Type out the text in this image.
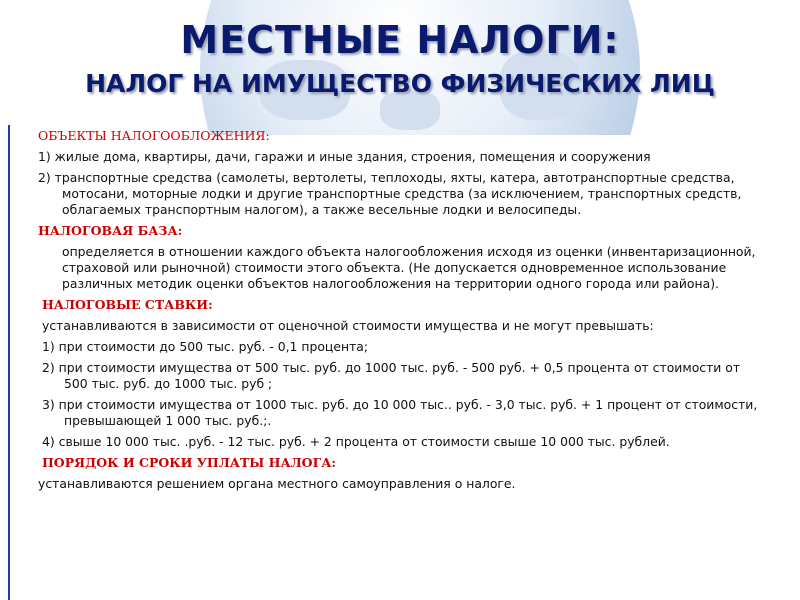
МЕСТНЫЕ НАЛОГИ:
НАЛОГ НА ИМУЩЕСТВО ФИЗИЧЕСКИХ ЛИЦ

ОБЪЕКТЫ НАЛОГООБЛОЖЕНИЯ:

1) жилые дома, квартиры, дачи, гаражи и иные здания, строения, помещения и сооружения

2) транспортные средства (самолеты, вертолеты, теплоходы, яхты, катера, автотранспортные средства, мотосани, моторные лодки и другие транспортные средства (за исключением, транспортных средств, облагаемых транспортным налогом), а также весельные лодки и велосипеды.

НАЛОГОВАЯ БАЗА:

определяется в отношении каждого объекта налогообложения исходя из оценки (инвентаризационной, страховой или рыночной) стоимости этого объекта. (Не допускается одновременное использование различных методик оценки объектов налогообложения на территории одного города или района).

НАЛОГОВЫЕ СТАВКИ:

устанавливаются в зависимости от оценочной стоимости имущества и не могут превышать:

1) при стоимости до 500 тыс. руб. - 0,1 процента;

2) при стоимости имущества от 500 тыс. руб. до 1000 тыс. руб. - 500 руб. + 0,5 процента от стоимости от 500 тыс. руб. до 1000 тыс. руб ;

3) при стоимости имущества от 1000 тыс. руб. до 10 000 тыс.. руб. - 3,0 тыс. руб. + 1 процент от стоимости, превышающей 1 000 тыс. руб.;.

4) свыше 10 000 тыс. .руб. - 12 тыс. руб. + 2 процента от стоимости свыше 10 000 тыс. рублей.

ПОРЯДОК И СРОКИ УПЛАТЫ НАЛОГА:

устанавливаются решением органа местного самоуправления о налоге.
